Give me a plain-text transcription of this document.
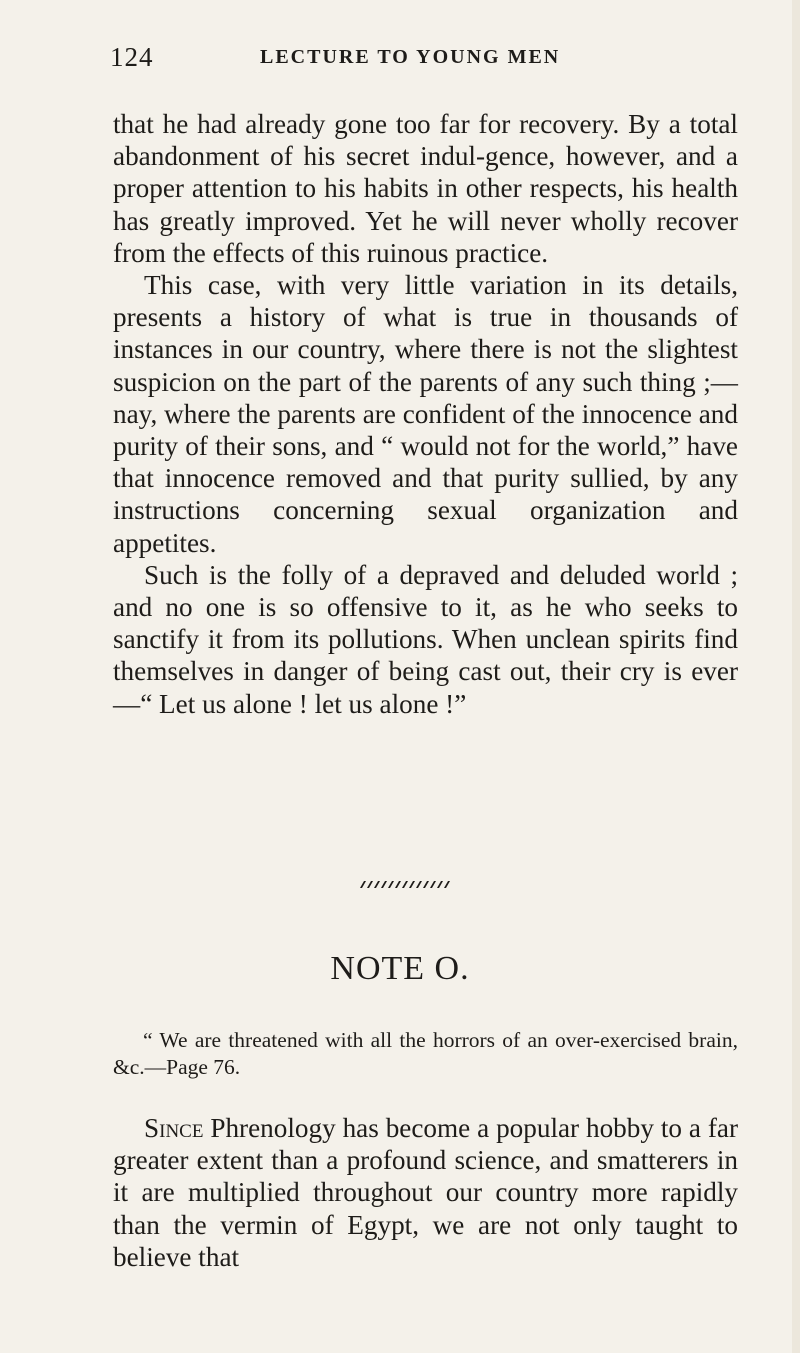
124	LECTURE TO YOUNG MEN

that he had already gone too far for recovery. By a total abandonment of his secret indul-gence, however, and a proper attention to his habits in other respects, his health has greatly improved. Yet he will never wholly recover from the effects of this ruinous practice.

This case, with very little variation in its details, presents a history of what is true in thousands of instances in our country, where there is not the slightest suspicion on the part of the parents of any such thing ;—nay, where the parents are confident of the innocence and purity of their sons, and “ would not for the world,” have that innocence removed and that purity sullied, by any instructions concerning sexual organization and appetites.

Such is the folly of a depraved and deluded world ; and no one is so offensive to it, as he who seeks to sanctify it from its pollutions. When unclean spirits find themselves in danger of being cast out, their cry is ever—“ Let us alone ! let us alone !”

NOTE O.

“ We are threatened with all the horrors of an over-exercised brain, &c.—Page 76.

Since Phrenology has become a popular hobby to a far greater extent than a profound science, and smatterers in it are multiplied throughout our country more rapidly than the vermin of Egypt, we are not only taught to believe that
